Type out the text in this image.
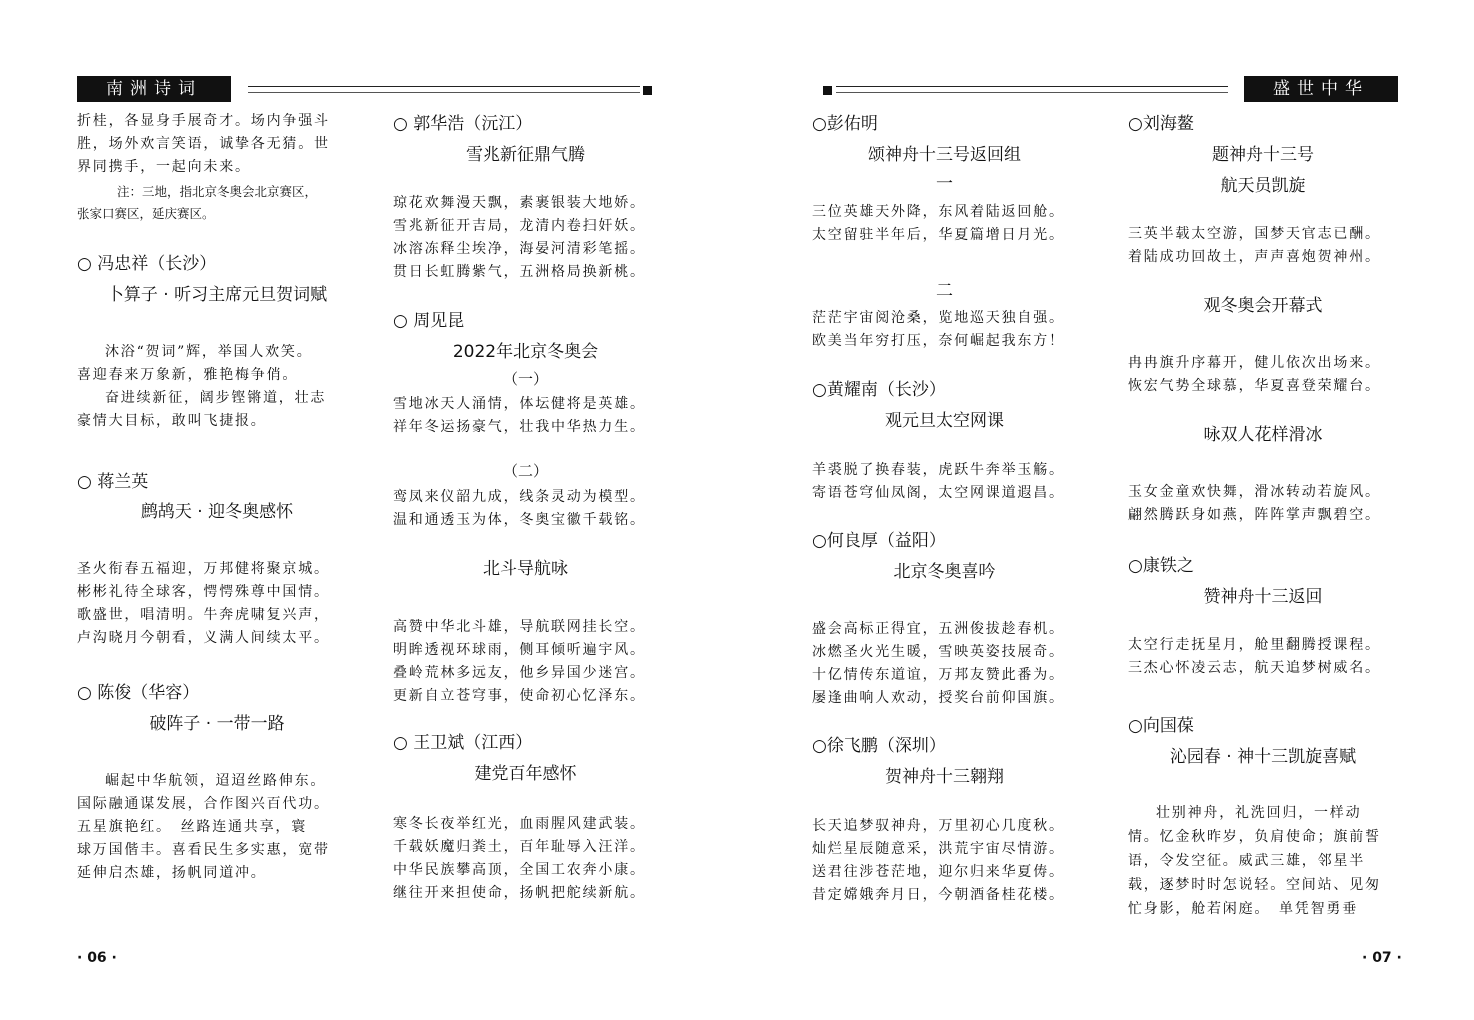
南洲诗词	盛世中华

折桂，各显身手展奇才。场内争强斗

胜，场外欢言笑语，诚挚各无猜。世

界同携手，一起向未来。

注：三地，指北京冬奥会北京赛区，

张家口赛区，延庆赛区。

○ 冯忠祥（长沙）

卜算子 · 听习主席元旦贺词赋

沐浴“贺词”辉，举国人欢笑。

喜迎春来万象新，雅艳梅争俏。

奋进续新征，阔步铿锵道，壮志

豪情大目标，敢叫飞捷报。

○ 蒋兰英

鹧鸪天 · 迎冬奥感怀

圣火衔春五福迎，万邦健将聚京城。

彬彬礼待全球客，愕愕殊尊中国情。

歌盛世，唱清明。牛奔虎啸复兴声，

卢沟晓月今朝看，义满人间续太平。

○ 陈俊（华容）

破阵子 · 一带一路

崛起中华航领，迢迢丝路伸东。

国际融通谋发展，合作图兴百代功。

五星旗艳红。　丝路连通共享，寰

球万国偕丰。喜看民生多实惠，宽带

延伸启杰雄，扬帆同道冲。

○ 郭华浩（沅江）

雪兆新征鼎气腾

琼花欢舞漫天飘，素裹银装大地娇。

雪兆新征开吉局，龙清内卷扫奸妖。

冰溶冻释尘埃净，海晏河清彩笔摇。

贯日长虹腾紫气，五洲格局换新桃。

○ 周见昆

2022年北京冬奥会

（一）

雪地冰天人涌情，体坛健将是英雄。

祥年冬运扬豪气，壮我中华热力生。

（二）

鸾凤来仪韶九成，线条灵动为模型。

温和通透玉为体，冬奥宝徽千载铭。

北斗导航咏

高赞中华北斗雄，导航联网挂长空。

明眸透视环球雨，侧耳倾听遍宇风。

叠岭荒林多远友，他乡异国少迷宫。

更新自立苍穹事，使命初心忆泽东。

○ 王卫斌（江西）

建党百年感怀

寒冬长夜举红光，血雨腥风建武装。

千载妖魔归粪土，百年耻辱入汪洋。

中华民族攀高顶，全国工农奔小康。

继往开来担使命，扬帆把舵续新航。

○彭佑明

颂神舟十三号返回组

一

三位英雄天外降，东风着陆返回舱。

太空留驻半年后，华夏篇增日月光。

二

茫茫宇宙阅沧桑，览地巡天独自强。

欧美当年穷打压，奈何崛起我东方！

○黄耀南（长沙）

观元旦太空网课

羊裘脱了换春装，虎跃牛奔举玉觞。

寄语苍穹仙凤阁，太空网课道遐昌。

○何良厚（益阳）

北京冬奥喜吟

盛会高标正得宜，五洲俊拔趁春机。

冰燃圣火光生暖，雪映英姿技展奇。

十亿情传东道谊，万邦友赞此番为。

屡逢曲响人欢动，授奖台前仰国旗。

○徐飞鹏（深圳）

贺神舟十三翱翔

长天追梦驭神舟，万里初心几度秋。

灿烂星辰随意采，洪荒宇宙尽情游。

送君往涉苍茫地，迎尔归来华夏俦。

昔定嫦娥奔月日，今朝酒备桂花楼。

○刘海鳌

题神舟十三号

航天员凯旋

三英半载太空游，国梦天官志已酬。

着陆成功回故土，声声喜炮贺神州。

观冬奥会开幕式

冉冉旗升序幕开，健儿依次出场来。

恢宏气势全球慕，华夏喜登荣耀台。

咏双人花样滑冰

玉女金童欢快舞，滑冰转动若旋风。

翩然腾跃身如燕，阵阵掌声飘碧空。

○康铁之

赞神舟十三返回

太空行走抚星月，舱里翻腾授课程。

三杰心怀凌云志，航天追梦树威名。

○向国葆

沁园春 · 神十三凯旋喜赋

壮别神舟，礼洗回归，一样动

情。忆金秋昨岁，负肩使命；旗前誓

语，令发空征。威武三雄，邻星半

载，逐梦时时怎说轻。空间站、见匆

忙身影，舱若闲庭。　单凭智勇垂

· 06 ·	· 07 ·
